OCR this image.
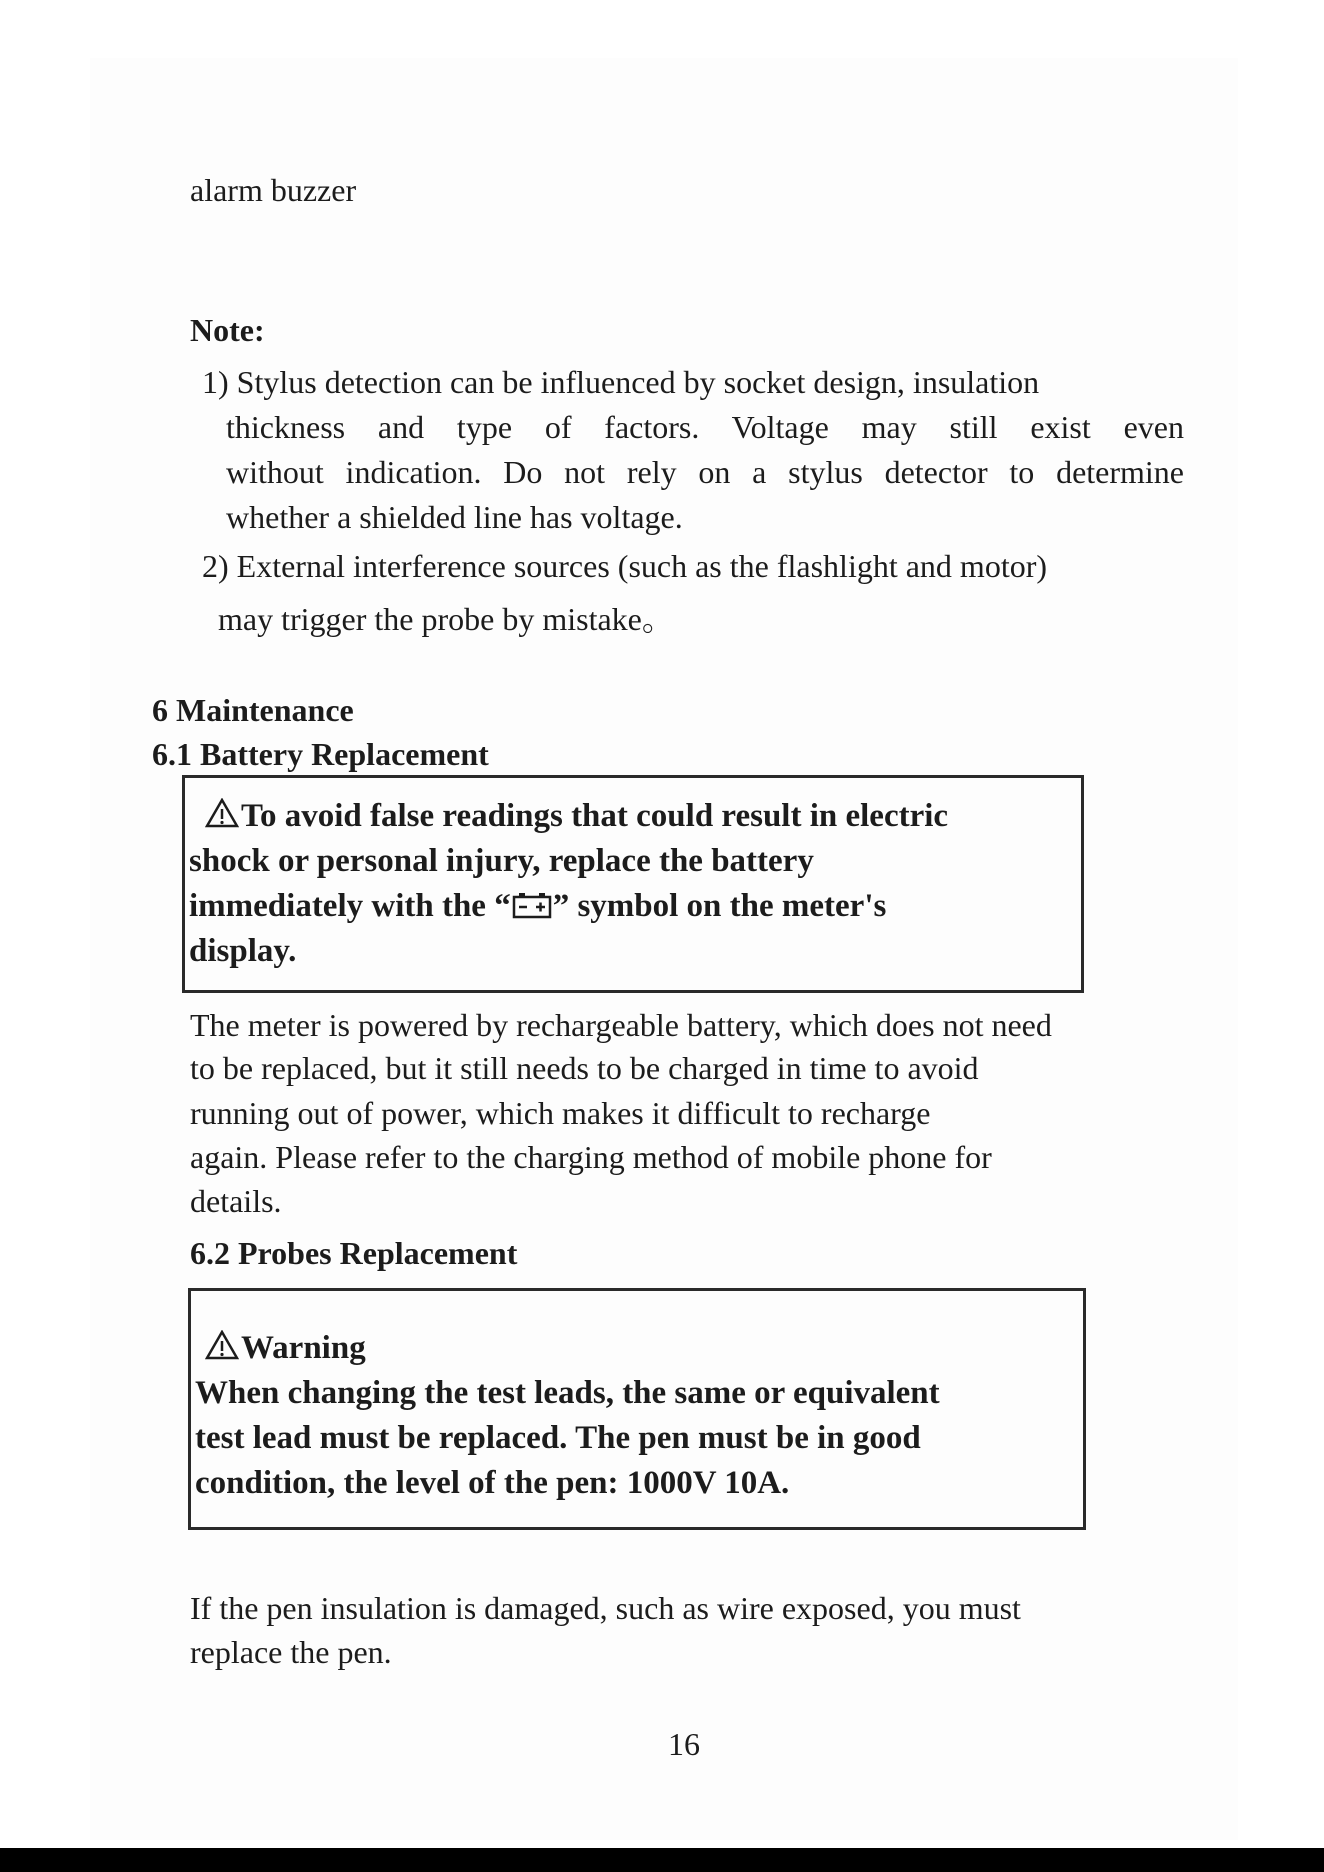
alarm buzzer
Note:
1) Stylus detection can be influenced by socket design, insulation
thickness and type of factors. Voltage may still exist even
without indication. Do not rely on a stylus detector to determine
whether a shielded line has voltage.
2) External interference sources (such as the flashlight and motor)
may trigger the probe by mistake。
6 Maintenance
6.1 Battery Replacement
To avoid false readings that could result in electric
shock or personal injury, replace the battery
immediately with the “ ” symbol on the meter's
display.
The meter is powered by rechargeable battery, which does not need
to be replaced, but it still needs to be charged in time to avoid
running out of power, which makes it difficult to recharge
again. Please refer to the charging method of mobile phone for
details.
6.2 Probes Replacement
Warning
When changing the test leads, the same or equivalent
test lead must be replaced. The pen must be in good
condition, the level of the pen: 1000V 10A.
If the pen insulation is damaged, such as wire exposed, you must
replace the pen.
16
